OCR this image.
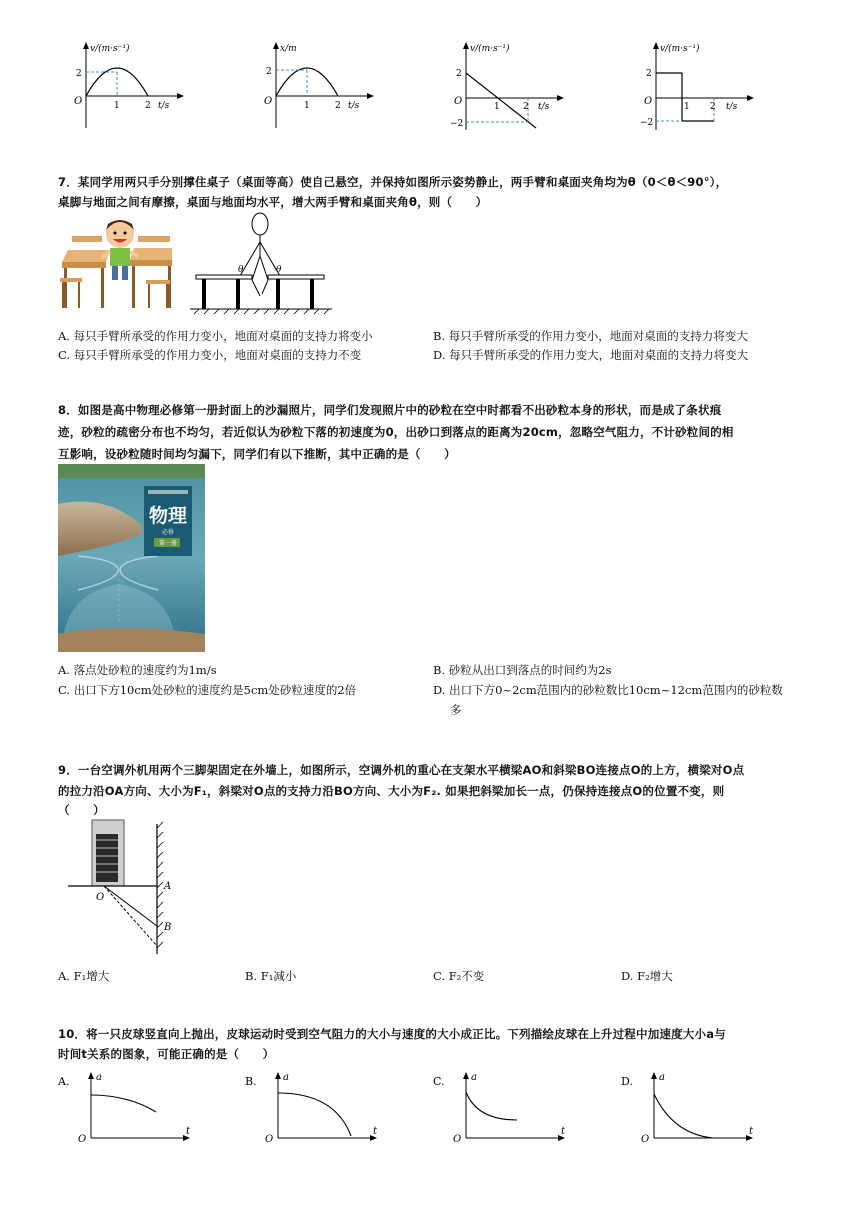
v/(m·s⁻¹)
2
O	1	2 t/s
x/m
2
O	1	2 t/s
v/(m·s⁻¹)
2
−2
O	1	2 t/s
v/(m·s⁻¹)
2
−2
O	1 2 t/s
7．某同学用两只手分别撑住桌子（桌面等高）使自己悬空，并保持如图所示姿势静止，两手臂和桌面夹角均为θ（0＜θ＜90°），
桌脚与地面之间有摩擦，桌面与地面均水平，增大两手臂和桌面夹角θ，则（　　）
θ	θ
A. 每只手臂所承受的作用力变小，地面对桌面的支持力将变小	B. 每只手臂所承受的作用力变小，地面对桌面的支持力将变大
C. 每只手臂所承受的作用力变小，地面对桌面的支持力不变	D. 每只手臂所承受的作用力变大，地面对桌面的支持力将变大
8．如图是高中物理必修第一册封面上的沙漏照片，同学们发现照片中的砂粒在空中时都看不出砂粒本身的形状，而是成了条状痕
迹，砂粒的疏密分布也不均匀，若近似认为砂粒下落的初速度为0，出砂口到落点的距离为20cm，忽略空气阻力，不计砂粒间的相
互影响，设砂粒随时间均匀漏下，同学们有以下推断，其中正确的是（　　）
物理
必修
第一册
A. 落点处砂粒的速度约为1m/s	B. 砂粒从出口到落点的时间约为2s
C. 出口下方10cm处砂粒的速度约是5cm处砂粒速度的2倍	D. 出口下方0~2cm范围内的砂粒数比10cm~12cm范围内的砂粒数
多
9．一台空调外机用两个三脚架固定在外墙上，如图所示，空调外机的重心在支架水平横梁AO和斜梁BO连接点O的上方，横梁对O点
的拉力沿OA方向、大小为F₁，斜梁对O点的支持力沿BO方向、大小为F₂. 如果把斜梁加长一点，仍保持连接点O的位置不变，则
（　　）
A
B
O
A. F₁增大	B. F₁减小	C. F₂不变	D. F₂增大
10．将一只皮球竖直向上抛出，皮球运动时受到空气阻力的大小与速度的大小成正比。下列描绘皮球在上升过程中加速度大小a与
时间t关系的图象，可能正确的是（　　）
A.	a
O
t
B.	a
O
t
C.	a
O
t
D.	a
O
t
